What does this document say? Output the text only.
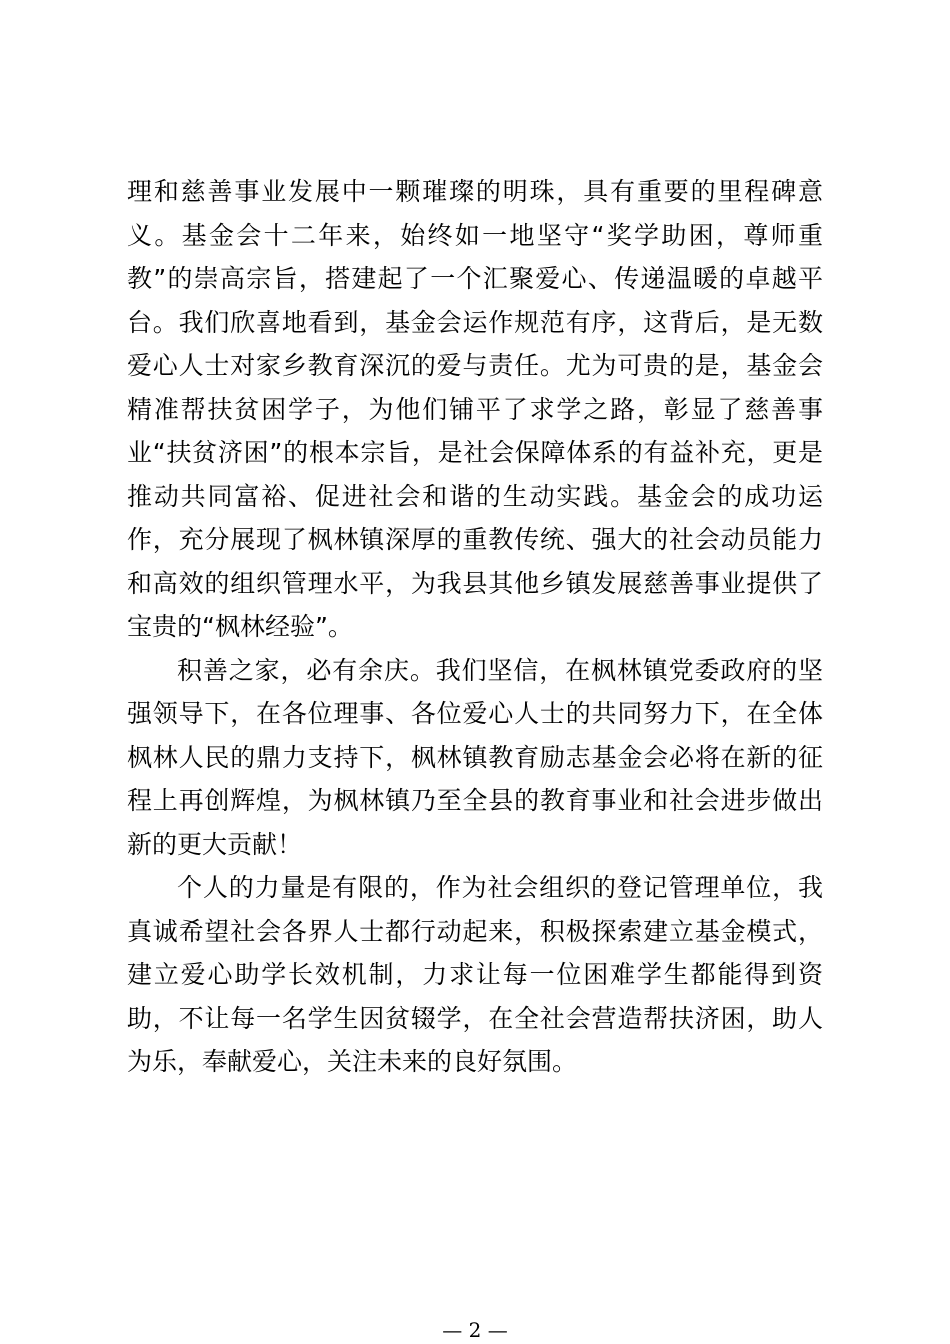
理和慈善事业发展中一颗璀璨的明珠，具有重要的里程碑意
义。基金会十二年来，始终如一地坚守“奖学助困，尊师重
教”的崇高宗旨，搭建起了一个汇聚爱心、传递温暖的卓越平
台。我们欣喜地看到，基金会运作规范有序，这背后，是无数
爱心人士对家乡教育深沉的爱与责任。尤为可贵的是，基金会
精准帮扶贫困学子，为他们铺平了求学之路，彰显了慈善事
业“扶贫济困”的根本宗旨，是社会保障体系的有益补充，更是
推动共同富裕、促进社会和谐的生动实践。基金会的成功运
作，充分展现了枫林镇深厚的重教传统、强大的社会动员能力
和高效的组织管理水平，为我县其他乡镇发展慈善事业提供了
宝贵的“枫林经验”。
积善之家，必有余庆。我们坚信，在枫林镇党委政府的坚
强领导下，在各位理事、各位爱心人士的共同努力下，在全体
枫林人民的鼎力支持下，枫林镇教育励志基金会必将在新的征
程上再创辉煌，为枫林镇乃至全县的教育事业和社会进步做出
新的更大贡献！
个人的力量是有限的，作为社会组织的登记管理单位，我
真诚希望社会各界人士都行动起来，积极探索建立基金模式，
建立爱心助学长效机制，力求让每一位困难学生都能得到资
助，不让每一名学生因贫辍学，在全社会营造帮扶济困，助人
为乐，奉献爱心，关注未来的良好氛围。
— 2 —
